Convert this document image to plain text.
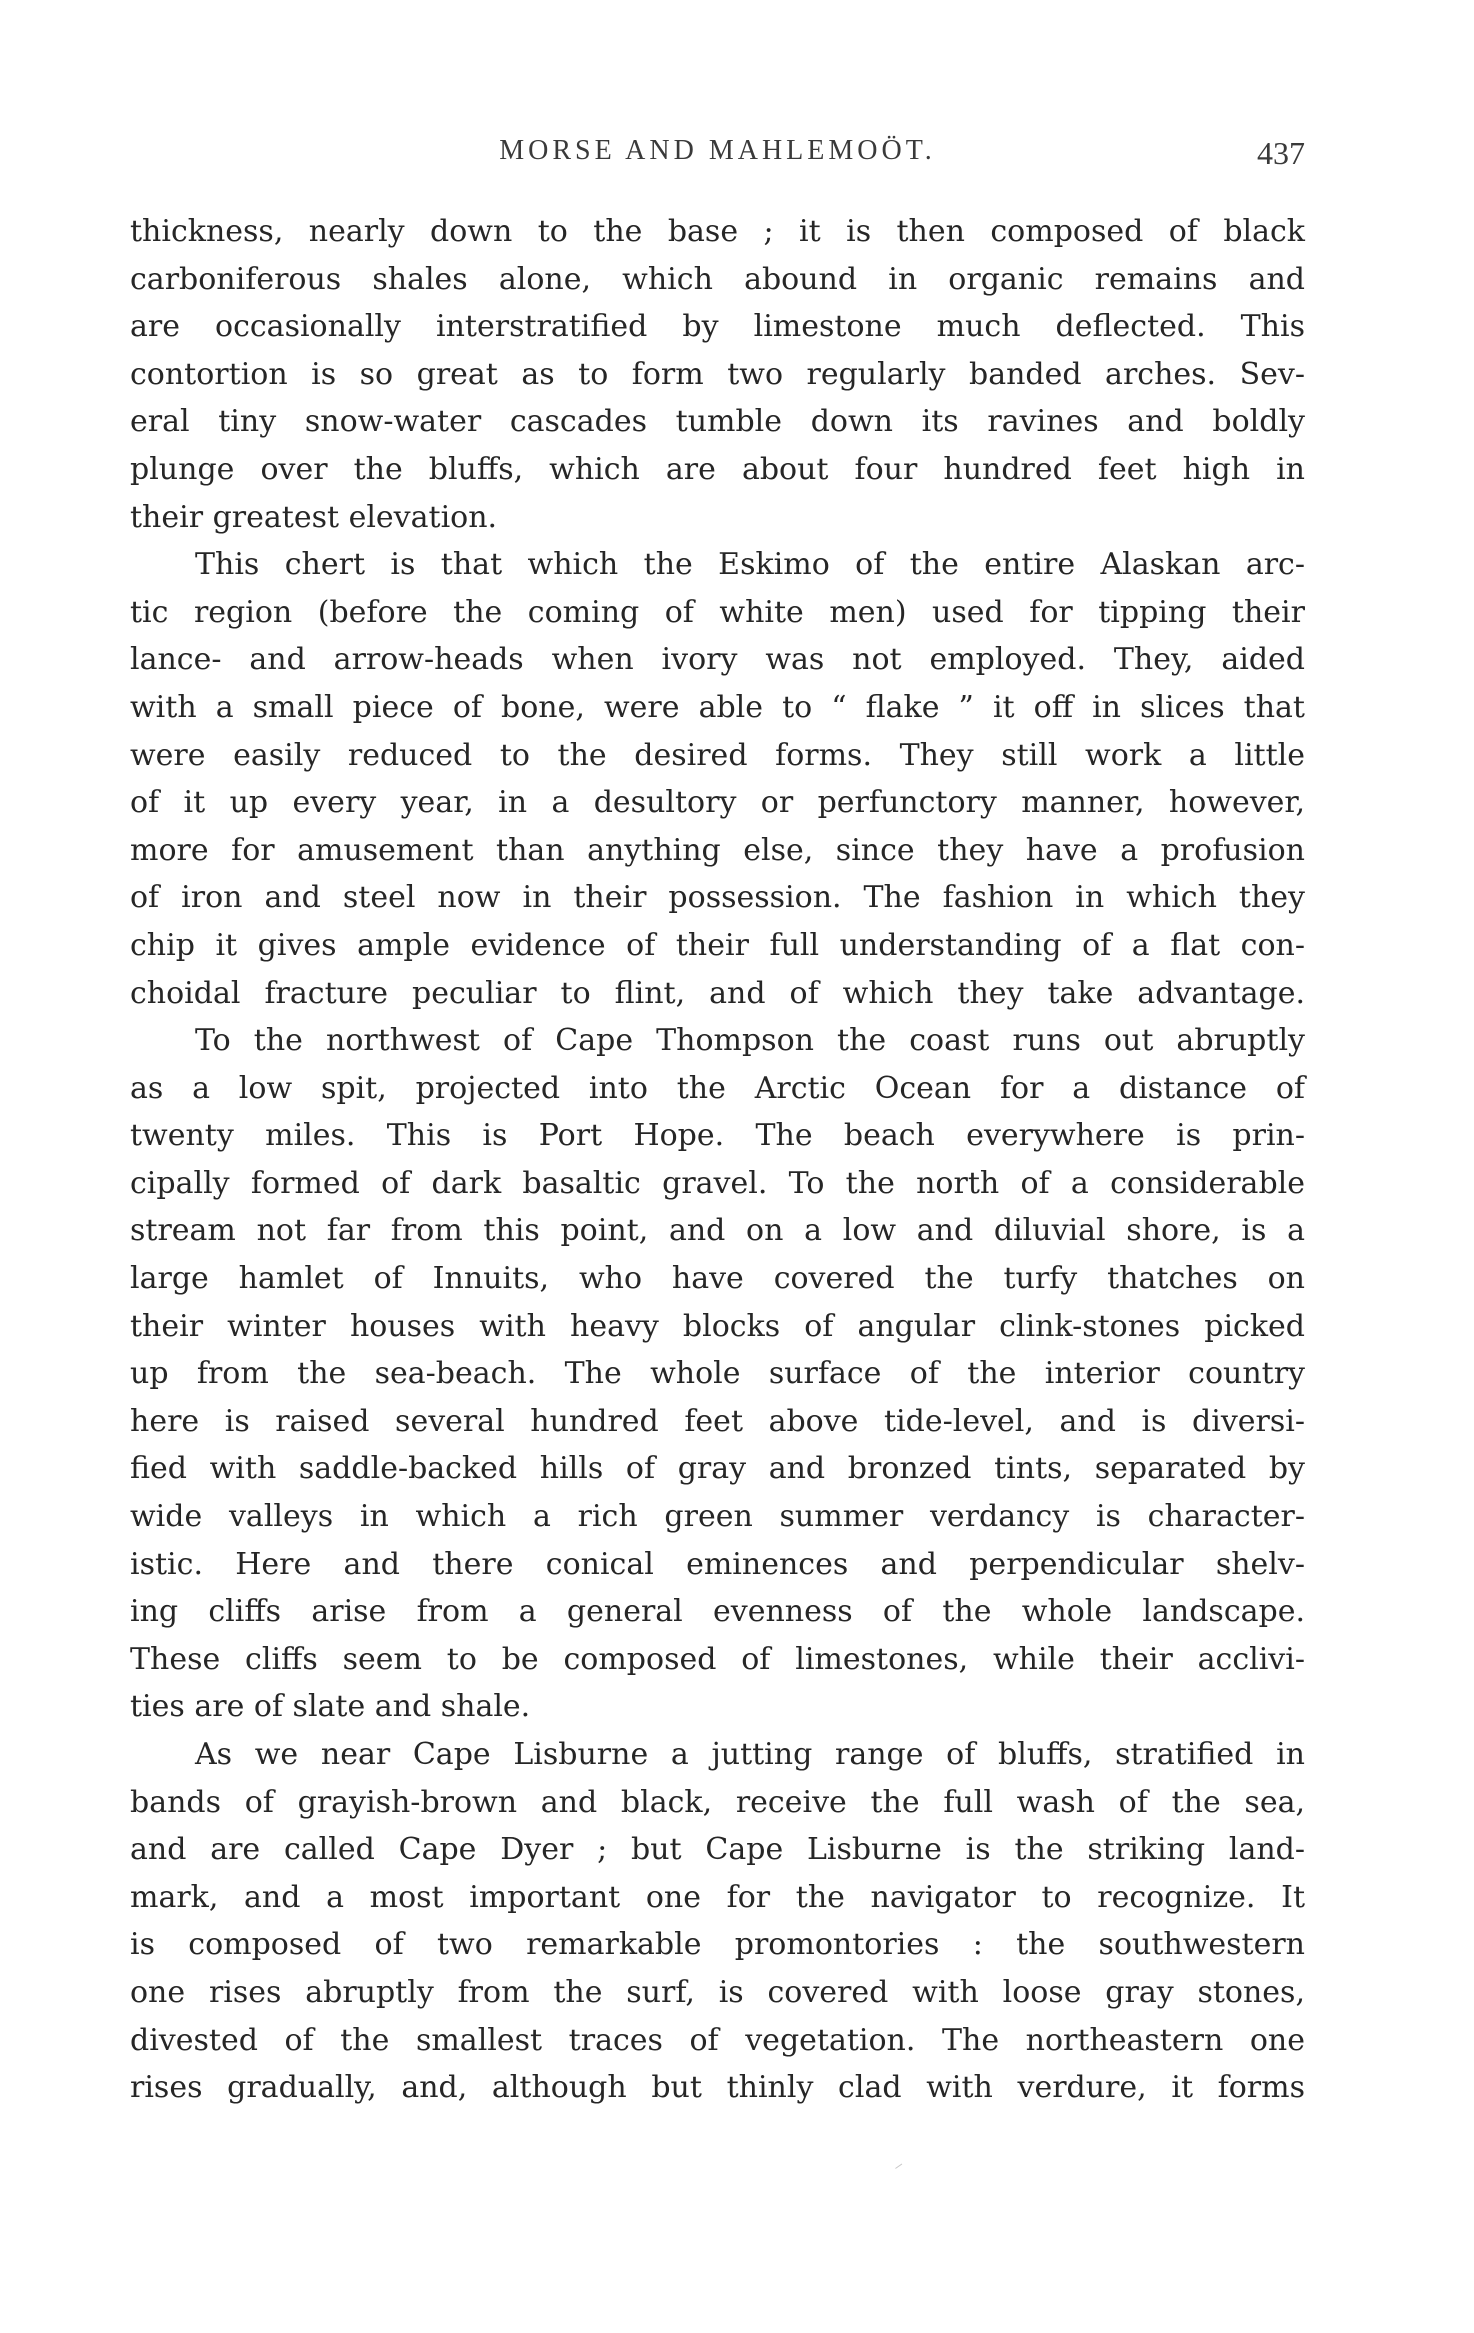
MORSE AND MAHLEMOÖT.	437
thickness, nearly down to the base ; it is then composed of black
carboniferous shales alone, which abound in organic remains and
are occasionally interstratified by limestone much deflected. This
contortion is so great as to form two regularly banded arches. Sev-
eral tiny snow-water cascades tumble down its ravines and boldly
plunge over the bluffs, which are about four hundred feet high in
their greatest elevation.
This chert is that which the Eskimo of the entire Alaskan arc-
tic region (before the coming of white men) used for tipping their
lance- and arrow-heads when ivory was not employed. They, aided
with a small piece of bone, were able to “ flake ” it off in slices that
were easily reduced to the desired forms. They still work a little
of it up every year, in a desultory or perfunctory manner, however,
more for amusement than anything else, since they have a profusion
of iron and steel now in their possession. The fashion in which they
chip it gives ample evidence of their full understanding of a flat con-
choidal fracture peculiar to flint, and of which they take advantage.
To the northwest of Cape Thompson the coast runs out abruptly
as a low spit, projected into the Arctic Ocean for a distance of
twenty miles. This is Port Hope. The beach everywhere is prin-
cipally formed of dark basaltic gravel. To the north of a considerable
stream not far from this point, and on a low and diluvial shore, is a
large hamlet of Innuits, who have covered the turfy thatches on
their winter houses with heavy blocks of angular clink-stones picked
up from the sea-beach. The whole surface of the interior country
here is raised several hundred feet above tide-level, and is diversi-
fied with saddle-backed hills of gray and bronzed tints, separated by
wide valleys in which a rich green summer verdancy is character-
istic. Here and there conical eminences and perpendicular shelv-
ing cliffs arise from a general evenness of the whole landscape.
These cliffs seem to be composed of limestones, while their acclivi-
ties are of slate and shale.
As we near Cape Lisburne a jutting range of bluffs, stratified in
bands of grayish-brown and black, receive the full wash of the sea,
and are called Cape Dyer ; but Cape Lisburne is the striking land-
mark, and a most important one for the navigator to recognize. It
is composed of two remarkable promontories : the southwestern
one rises abruptly from the surf, is covered with loose gray stones,
divested of the smallest traces of vegetation. The northeastern one
rises gradually, and, although but thinly clad with verdure, it forms
